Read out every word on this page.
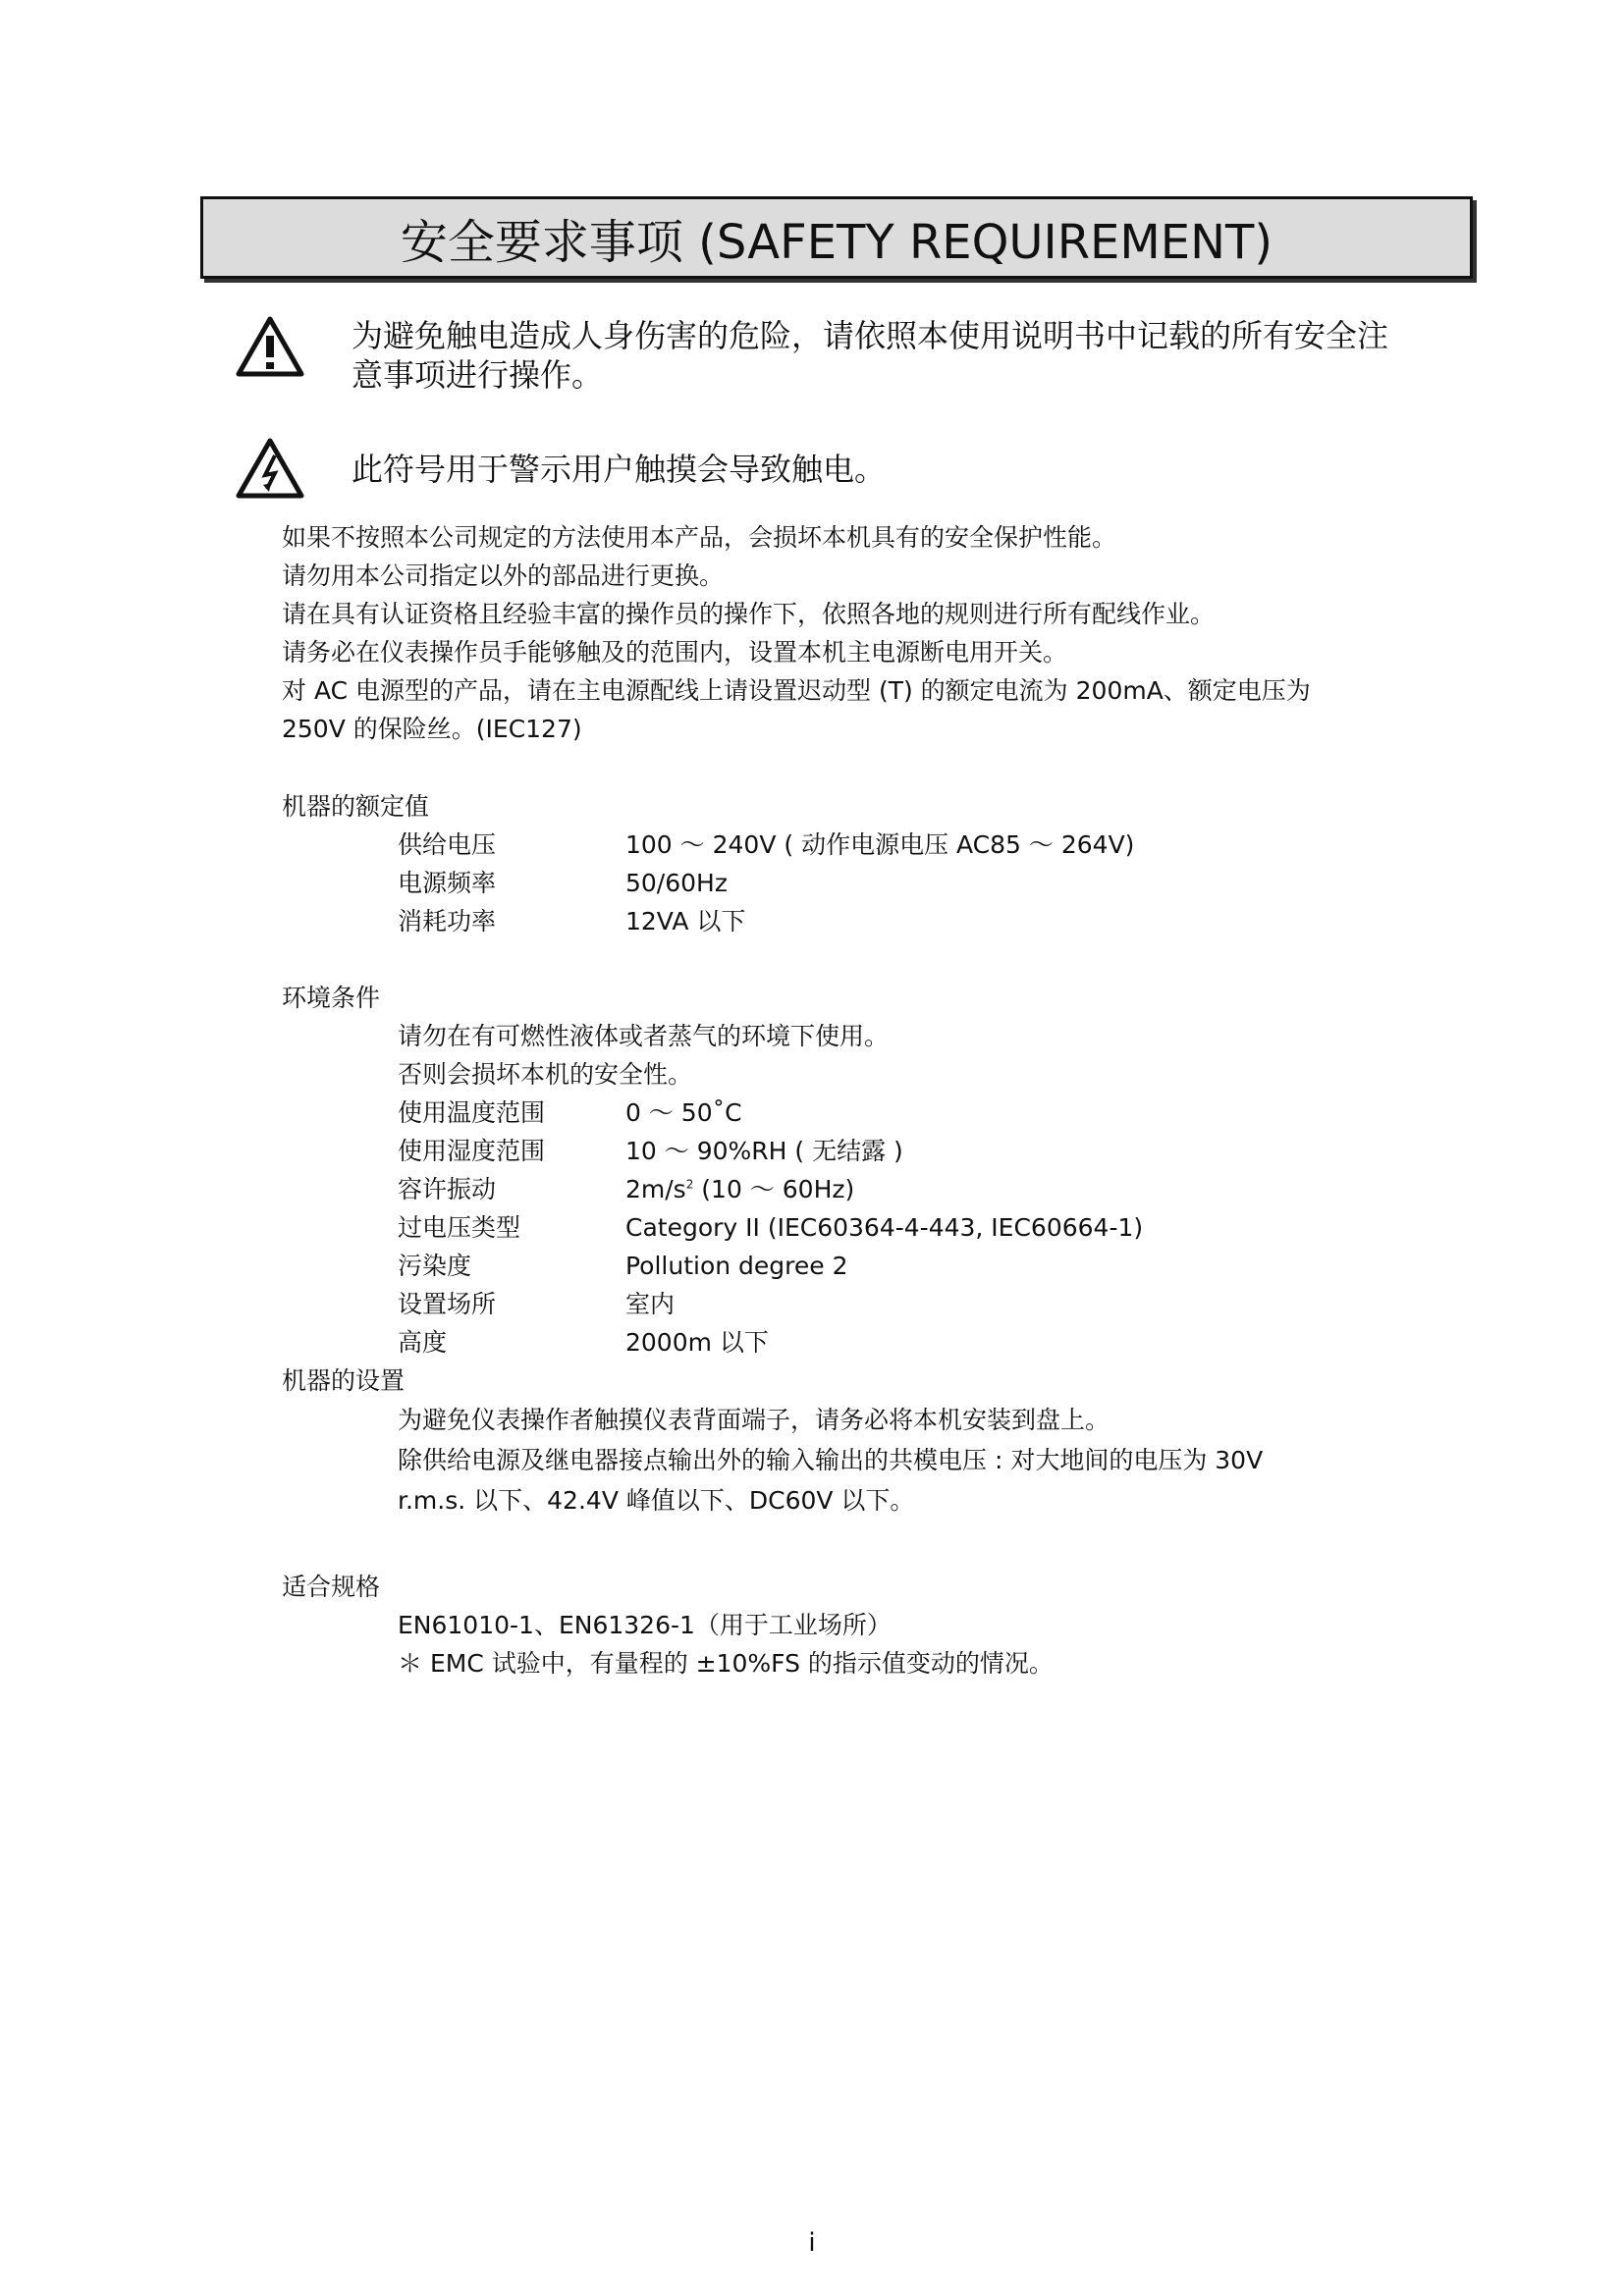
安全要求事项 (SAFETY REQUIREMENT)
为避免触电造成人身伤害的危险，请依照本使用说明书中记载的所有安全注
意事项进行操作。
此符号用于警示用户触摸会导致触电。

如果不按照本公司规定的方法使用本产品，会损坏本机具有的安全保护性能。

请勿用本公司指定以外的部品进行更换。

请在具有认证资格且经验丰富的操作员的操作下，依照各地的规则进行所有配线作业。

请务必在仪表操作员手能够触及的范围内，设置本机主电源断电用开关。

对 AC 电源型的产品，请在主电源配线上请设置迟动型 (T) 的额定电流为 200mA、额定电压为

250V 的保险丝。(IEC127)

机器的额定值
供给电压	100 ～ 240V ( 动作电源电压 AC85 ～ 264V)
电源频率	50/60Hz
消耗功率	12VA 以下
环境条件

请勿在有可燃性液体或者蒸气的环境下使用。

否则会损坏本机的安全性。

使用温度范围	0 ～ 50˚C
使用湿度范围	10 ～ 90%RH ( 无结露 )
容许振动	$2m/s^2$ (10 ～ 60Hz)
过电压类型	Category II (IEC60364-4-443, IEC60664-1)
污染度	Pollution degree 2
设置场所	室内
高度	2000m 以下
机器的设置

为避免仪表操作者触摸仪表背面端子，请务必将本机安装到盘上。

除供给电源及继电器接点输出外的输入输出的共模电压 : 对大地间的电压为 30V

r.m.s. 以下、42.4V 峰值以下、DC60V 以下。

适合规格

EN61010-1、EN61326-1（用于工业场所）

＊ EMC 试验中，有量程的 ±10%FS 的指示值变动的情况。

i
